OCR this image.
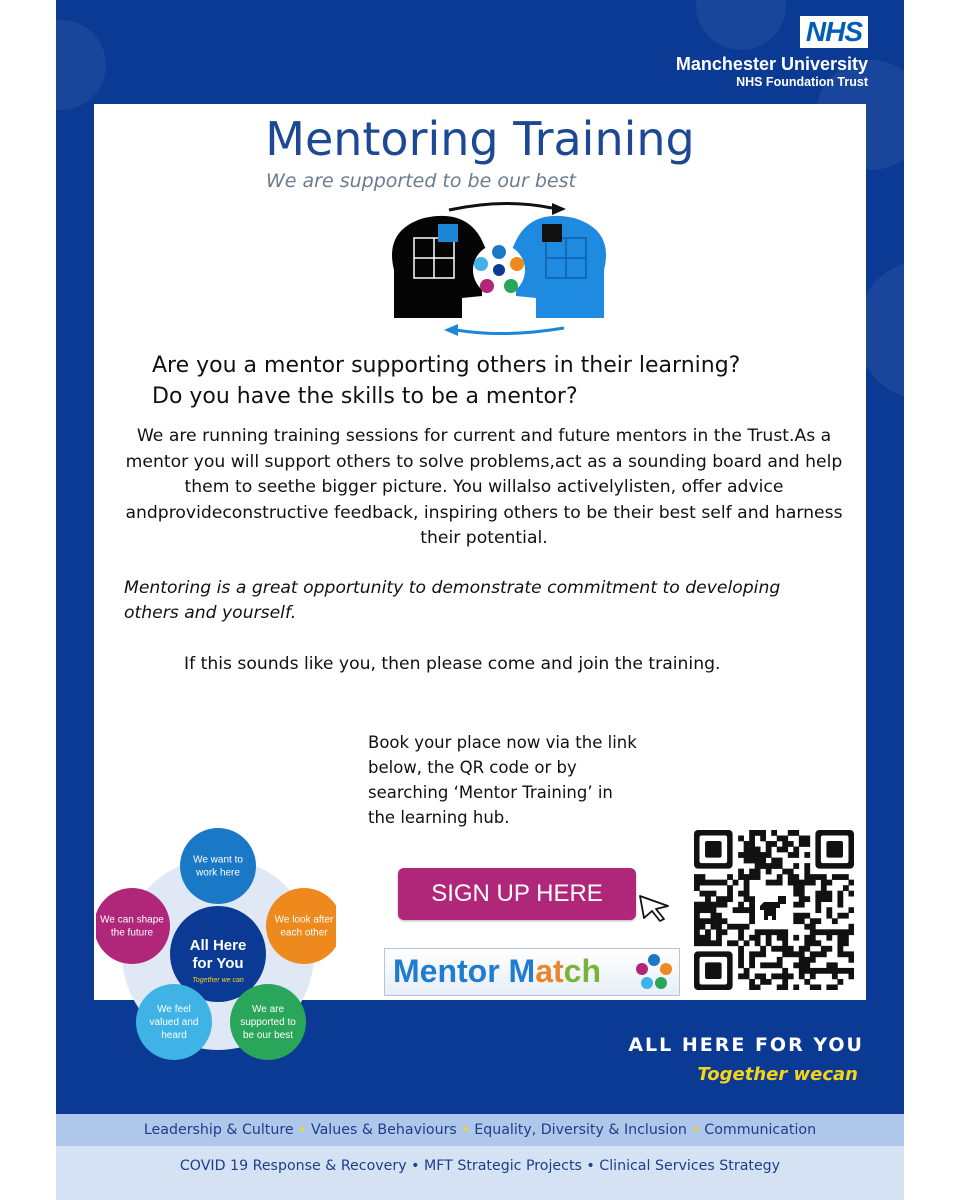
NHS
Manchester University
NHS Foundation Trust
Mentoring Training
We are supported to be our best
Are you a mentor supporting others in their learning?
Do you have the skills to be a mentor?
We are running training sessions for current and future mentors in the Trust.As a mentor you will support others to solve problems,act as a sounding board and help them to seethe bigger picture. You willalso activelylisten, offer advice andprovideconstructive feedback, inspiring others to be their best self and harness their potential.
Mentoring is a great opportunity to demonstrate commitment to developing others and yourself.
If this sounds like you, then please come and join the training.
Book your place now via the link below, the QR code or by searching ‘Mentor Training’ in the learning hub.
SIGN UP HERE
Mentor Match
All Here
for You
Together we can
We want to
work here
We look after
each other
We are
supported to
be our best
We feel
valued and
heard
We can shape
the future
ALL HERE FOR YOU
Together wecan
Leadership & Culture • Values & Behaviours • Equality, Diversity & Inclusion • Communication
COVID 19 Response & Recovery • MFT Strategic Projects • Clinical Services Strategy
